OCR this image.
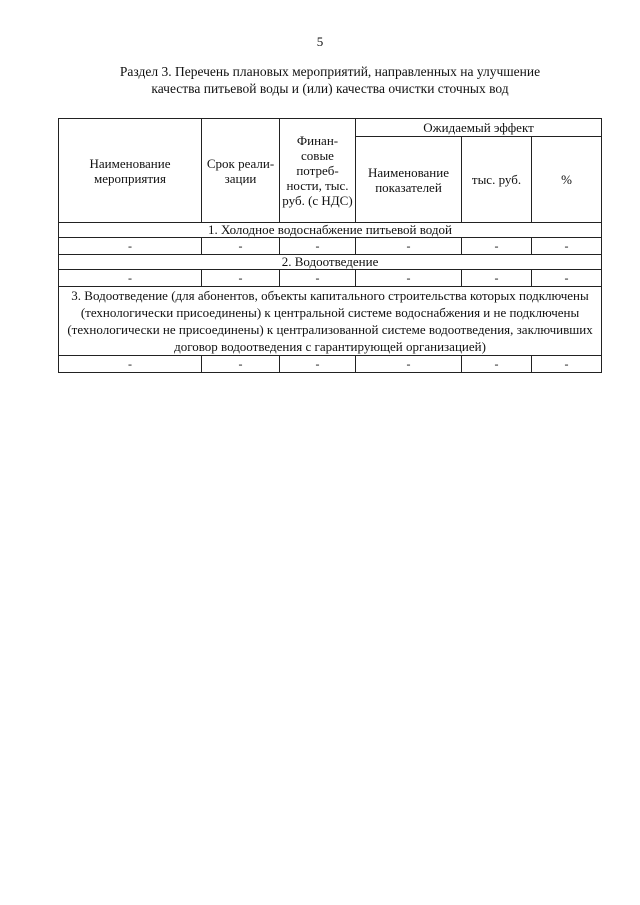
5
Раздел 3. Перечень плановых мероприятий, направленных на улучшение
качества питьевой воды и (или) качества очистки сточных вод
Наименование мероприятия	Срок реали-зации	Финан-совые потреб-ности, тыс. руб. (с НДС)	Ожидаемый эффект		
			Наименование показателей	тыс. руб.	%
1. Холодное водоснабжение питьевой водой					
-	-	-	-	-	-
2. Водоотведение					
-	-	-	-	-	-
3. Водоотведение (для абонентов, объекты капитального строительства которых подключены (технологически присоединены) к центральной системе водоснабжения и не подключены (технологически не присоединены) к централизованной системе водоотведения, заключивших договор водоотведения с гарантирующей организацией)					
-	-	-	-	-	-
